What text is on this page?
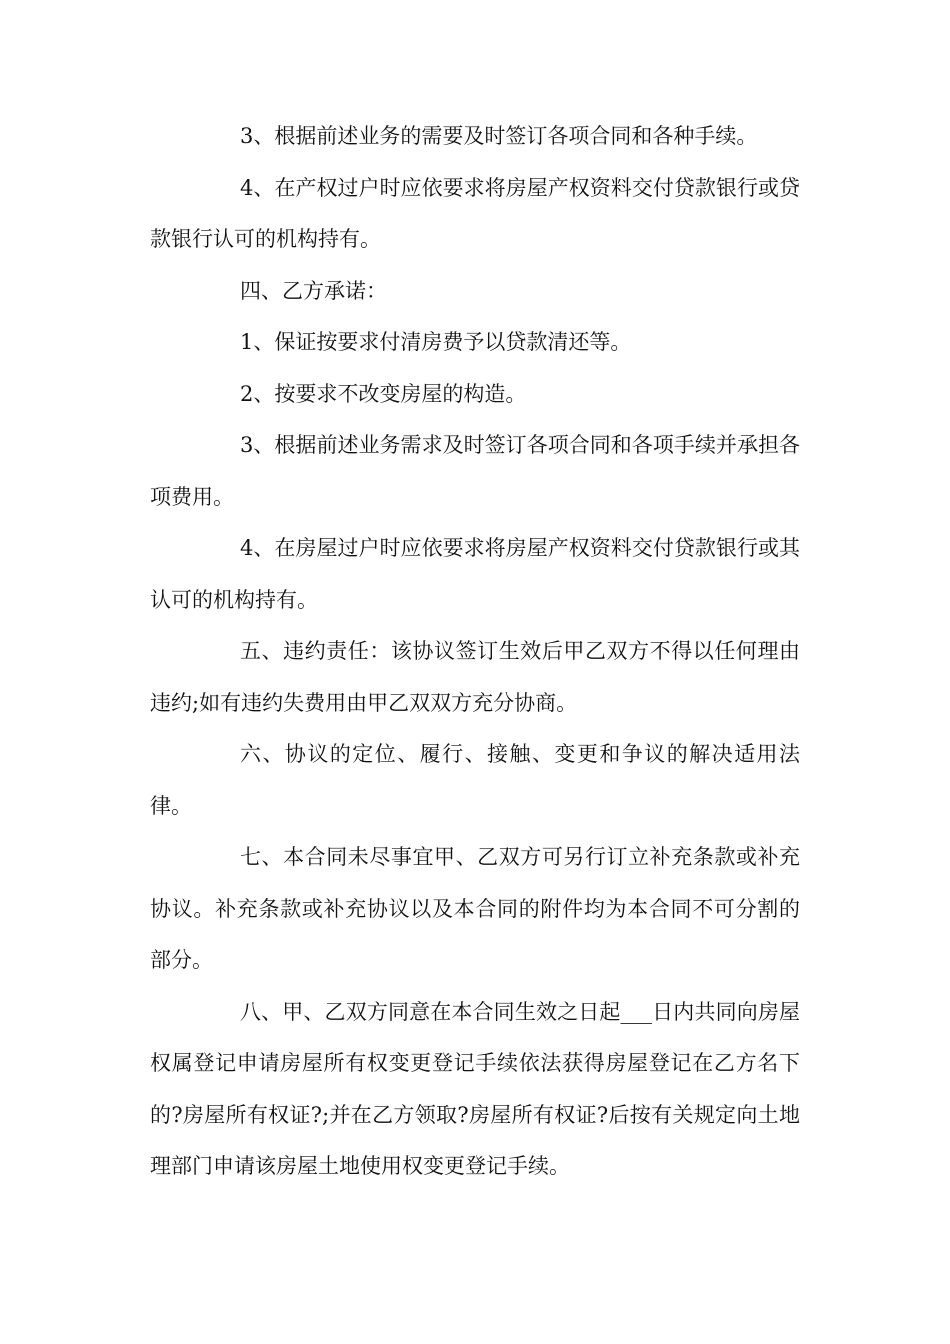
3、根据前述业务的需要及时签订各项合同和各种手续。

4、在产权过户时应依要求将房屋产权资料交付贷款银行或贷款银行认可的机构持有。

四、乙方承诺：

1、保证按要求付清房费予以贷款清还等。

2、按要求不改变房屋的构造。

3、根据前述业务需求及时签订各项合同和各项手续并承担各项费用。

4、在房屋过户时应依要求将房屋产权资料交付贷款银行或其认可的机构持有。

五、违约责任：该协议签订生效后甲乙双方不得以任何理由违约;如有违约失费用由甲乙双双方充分协商。

六、协议的定位、履行、接触、变更和争议的解决适用法律。

七、本合同未尽事宜甲、乙双方可另行订立补充条款或补充协议。补充条款或补充协议以及本合同的附件均为本合同不可分割的部分。

八、甲、乙双方同意在本合同生效之日起___日内共同向房屋权属登记申请房屋所有权变更登记手续依法获得房屋登记在乙方名下的?房屋所有权证?;并在乙方领取?房屋所有权证?后按有关规定向土地理部门申请该房屋土地使用权变更登记手续。
